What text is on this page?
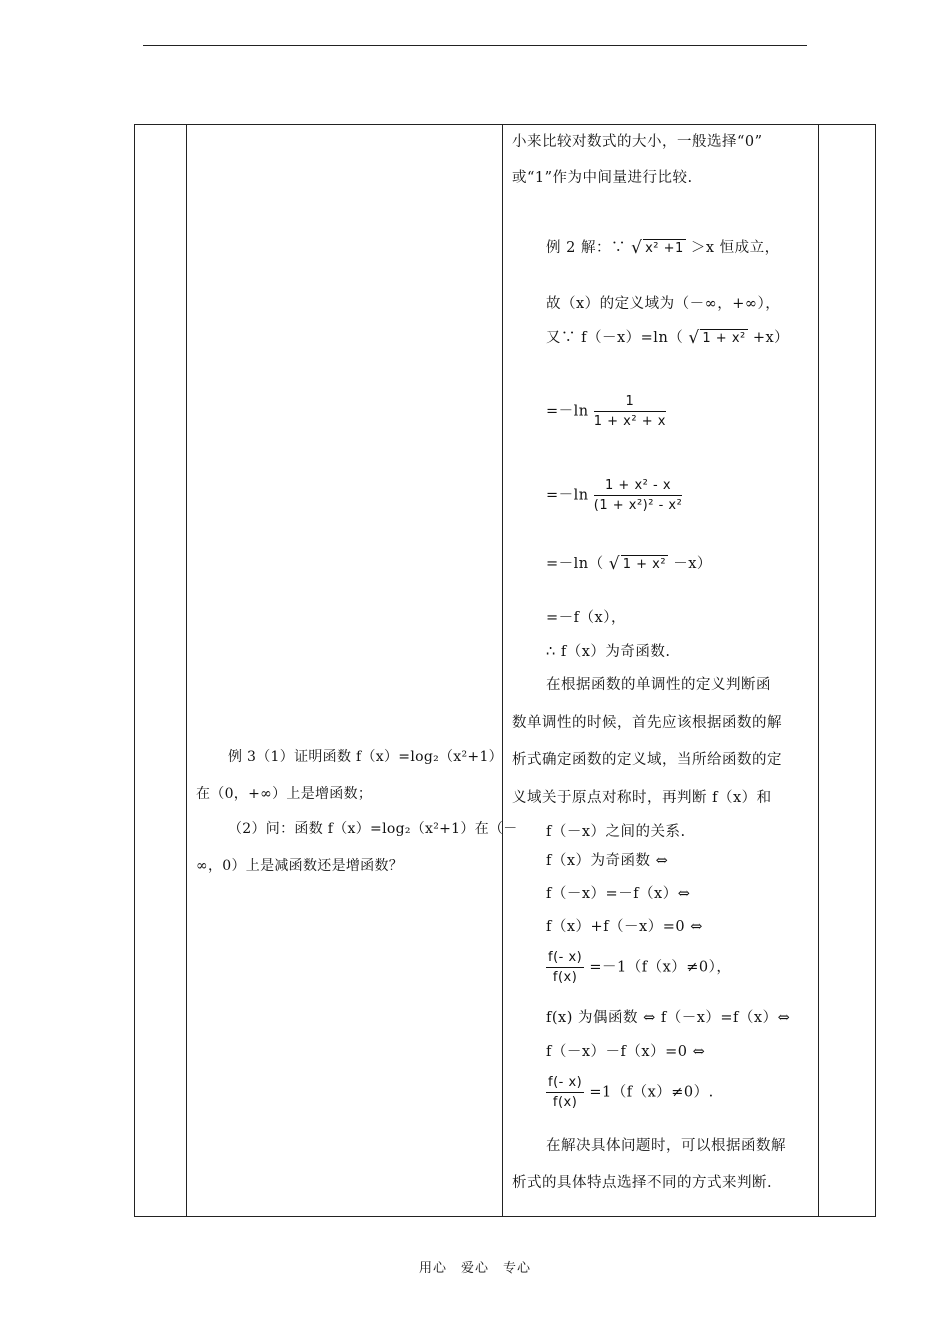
小来比较对数式的大小，一般选择“0”
或“1”作为中间量进行比较.
例 2 解：∵ √ x² +1 ＞x 恒成立，
故（x）的定义域为（－∞，+∞），
又∵ f（－x）=ln（ √ 1 + x² +x）
$=-\ln \frac{1}{\text{1 + x² + x}}$
$=-\ln \frac{\text{1 + x² - x}}{\text{(1 + x²)² - x²}}$
=－ln（ √ 1 + x² －x）
=－f（x），
∴ f（x）为奇函数.
在根据函数的单调性的定义判断函
数单调性的时候，首先应该根据函数的解
析式确定函数的定义域，当所给函数的定
义域关于原点对称时，再判断 f（x）和
f（－x）之间的关系.
f（x）为奇函数 ⇔
f（－x）=－f（x）⇔
f（x）+f（－x）=0 ⇔
$\frac{f(- x)}{f(x)} =-1(f(x)\ne 0)$，
f(x) 为偶函数 ⇔ f（－x）=f（x）⇔
f（－x）－f（x）=0 ⇔
$\frac{f(- x)}{f(x)} =1(f(x)\ne 0)$.
在解决具体问题时，可以根据函数解
析式的具体特点选择不同的方式来判断.
例 3（1）证明函数 f（x）=log₂（x²+1）
在（0，+∞）上是增函数；
（2）问：函数 f（x）=log₂（x²+1）在（－
∞，0）上是减函数还是增函数？
用心　爱心　专心
